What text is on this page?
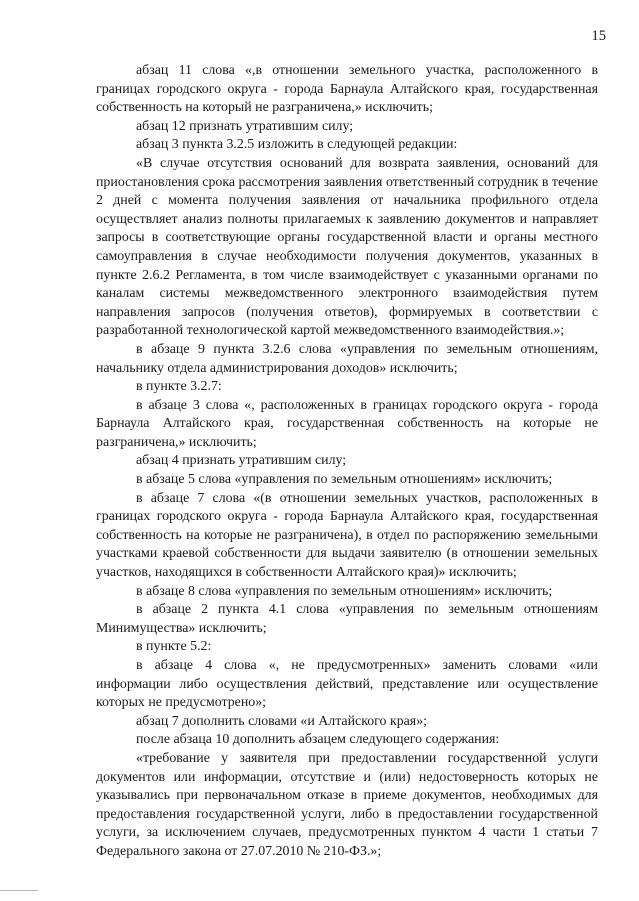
15

абзац 11 слова «,в отношении земельного участка, расположенного в границах городского округа - города Барнаула Алтайского края, государственная собственность на который не разграничена,» исключить;

абзац 12 признать утратившим силу;

абзац 3 пункта 3.2.5 изложить в следующей редакции:

«В случае отсутствия оснований для возврата заявления, оснований для приостановления срока рассмотрения заявления ответственный сотрудник в течение 2 дней с момента получения заявления от начальника профильного отдела осуществляет анализ полноты прилагаемых к заявлению документов и направляет запросы в соответствующие органы государственной власти и органы местного самоуправления в случае необходимости получения документов, указанных в пункте 2.6.2 Регламента, в том числе взаимодействует с указанными органами по каналам системы межведомственного электронного взаимодействия путем направления запросов (получения ответов), формируемых в соответствии с разработанной технологической картой межведомственного взаимодействия.»;

в абзаце 9 пункта 3.2.6 слова «управления по земельным отношениям, начальнику отдела администрирования доходов» исключить;

в пункте 3.2.7:

в абзаце 3 слова «, расположенных в границах городского округа - города Барнаула Алтайского края, государственная собственность на которые не разграничена,» исключить;

абзац 4 признать утратившим силу;

в абзаце 5 слова «управления по земельным отношениям» исключить;

в абзаце 7 слова «(в отношении земельных участков, расположенных в границах городского округа - города Барнаула Алтайского края, государственная собственность на которые не разграничена), в отдел по распоряжению земельными участками краевой собственности для выдачи заявителю (в отношении земельных участков, находящихся в собственности Алтайского края)» исключить;

в абзаце 8 слова «управления по земельным отношениям» исключить;

в абзаце 2 пункта 4.1 слова «управления по земельным отношениям Минимущества» исключить;

в пункте 5.2:

в абзаце 4 слова «, не предусмотренных» заменить словами «или информации либо осуществления действий, представление или осуществление которых не предусмотрено»;

абзац 7 дополнить словами «и Алтайского края»;

после абзаца 10 дополнить абзацем следующего содержания:

«требование у заявителя при предоставлении государственной услуги документов или информации, отсутствие и (или) недостоверность которых не указывались при первоначальном отказе в приеме документов, необходимых для предоставления государственной услуги, либо в предоставлении государственной услуги, за исключением случаев, предусмотренных пунктом 4 части 1 статьи 7 Федерального закона от 27.07.2010 № 210-ФЗ.»;
